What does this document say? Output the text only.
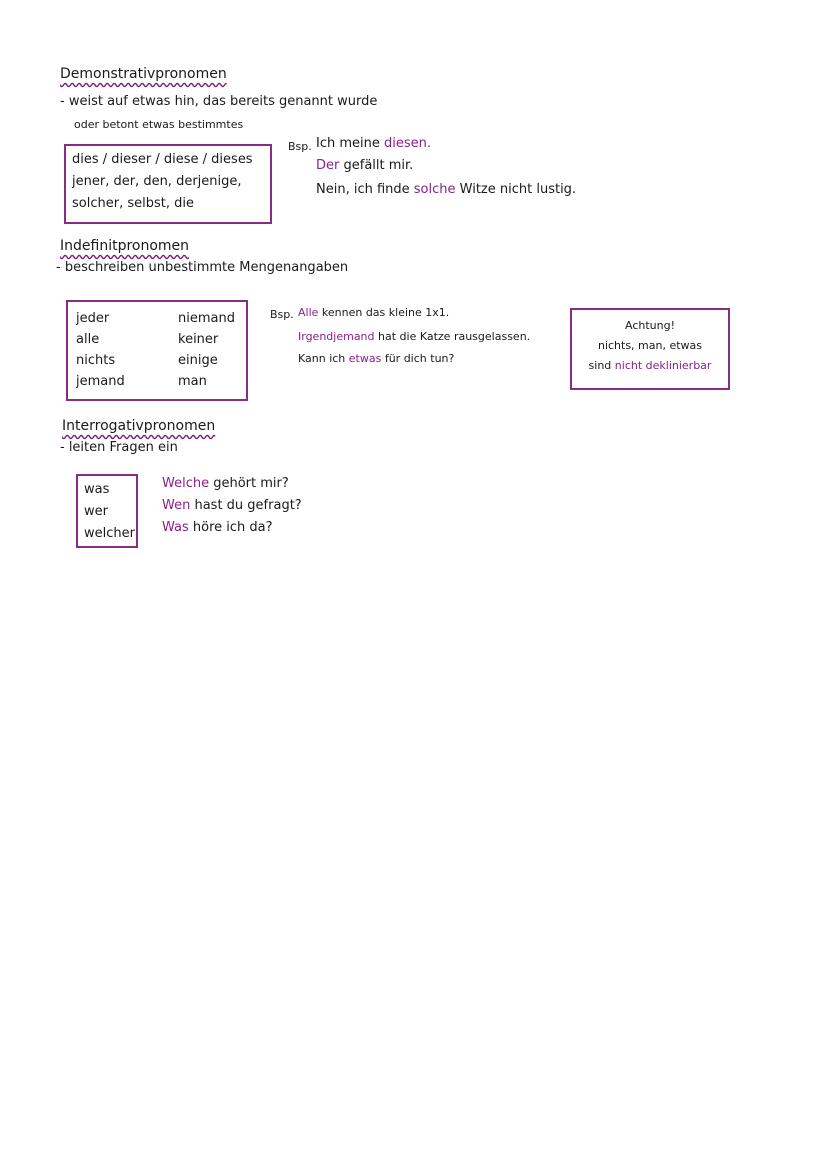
Demonstrativpronomen
- weist auf etwas hin, das bereits genannt wurde
oder betont etwas bestimmtes
dies / dieser / diese / dieses
jener, der, den, derjenige,
solcher, selbst, die
Bsp. Ich meine diesen.
Der gefällt mir.
Nein, ich finde solche Witze nicht lustig.
Indefinitpronomen
- beschreiben unbestimmte Mengenangaben
jeder
alle
nichts
jemand
niemand
keiner
einige
man
Bsp. Alle kennen das kleine 1x1.
Irgendjemand hat die Katze rausgelassen.
Kann ich etwas für dich tun?
Achtung!
nichts, man, etwas
sind nicht deklinierbar
Interrogativpronomen
- leiten Fragen ein
was
wer
welcher
Welche gehört mir?
Wen hast du gefragt?
Was höre ich da?
